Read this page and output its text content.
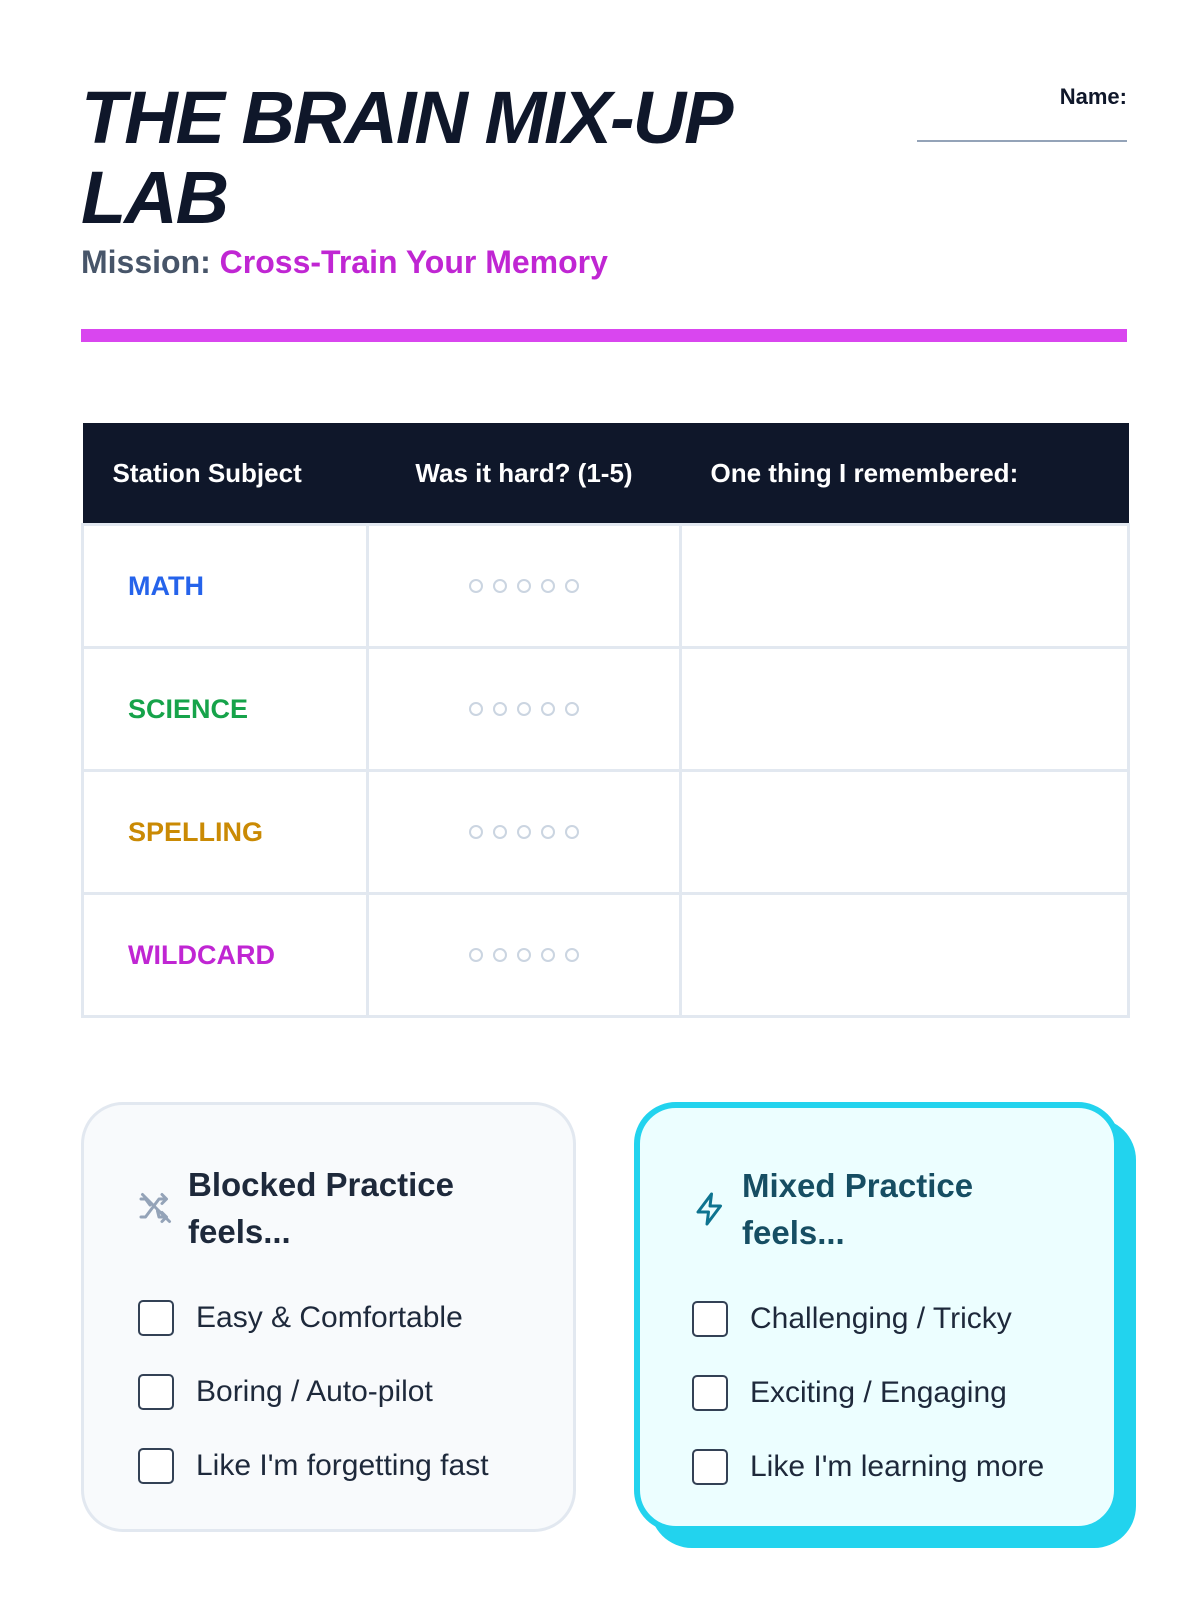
THE BRAIN MIX-UP LAB
Mission: Cross-Train Your Memory
Name:
Station Subject	Was it hard? (1-5)	One thing I remembered:
MATH		
SCIENCE		
SPELLING		
WILDCARD		
Blocked Practice
feels...
Easy & Comfortable
Boring / Auto-pilot
Like I'm forgetting fast
Mixed Practice
feels...
Challenging / Tricky
Exciting / Engaging
Like I'm learning more
